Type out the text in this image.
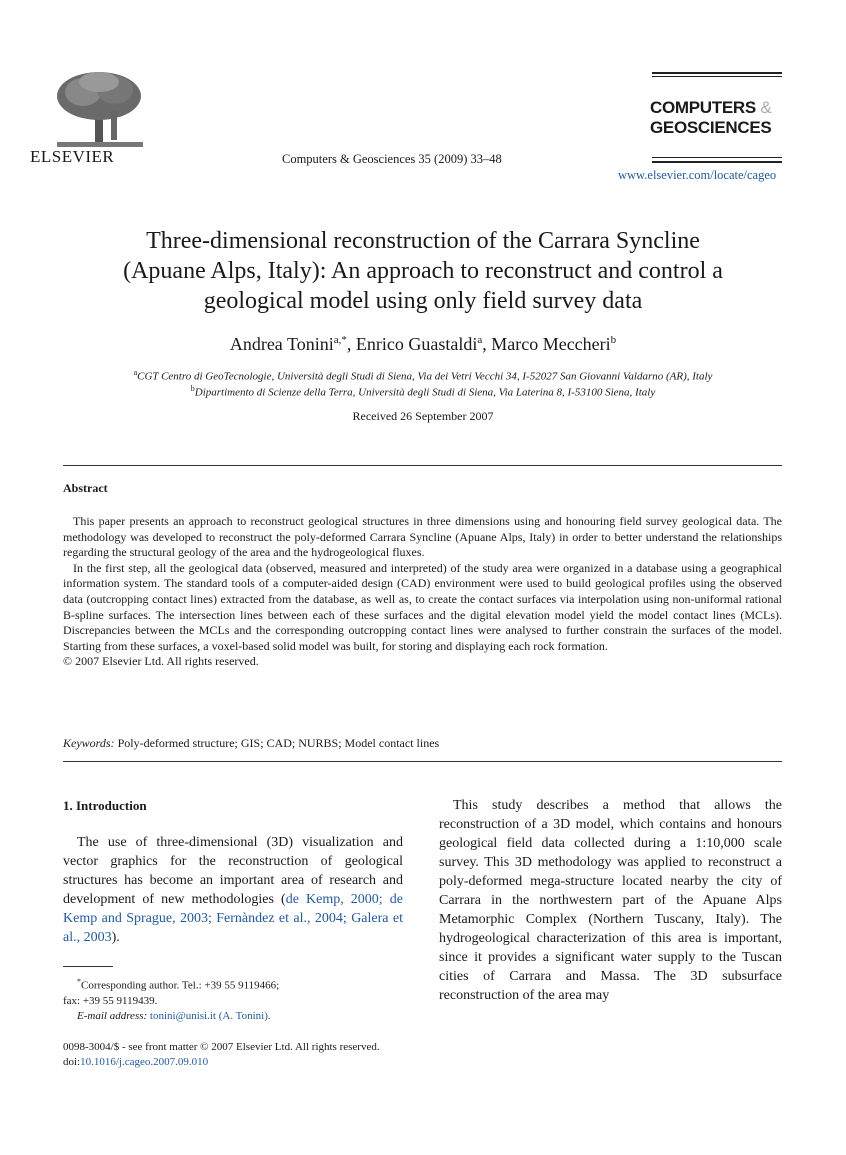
ELSEVIER	Computers & Geosciences 35 (2009) 33–48
COMPUTERS &
GEOSCIENCES
www.elsevier.com/locate/cageo
Three-dimensional reconstruction of the Carrara Syncline
(Apuane Alps, Italy): An approach to reconstruct and control a
geological model using only field survey data
Andrea Tonini$^{a,*}$, Enrico Guastaldi$^a$, Marco Meccheri$^b$
$^a$CGT Centro di GeoTecnologie, Università degli Studi di Siena, Via dei Vetri Vecchi 34, I-52027 San Giovanni Valdarno (AR), Italy
$^b$Dipartimento di Scienze della Terra, Università degli Studi di Siena, Via Laterina 8, I-53100 Siena, Italy
Received 26 September 2007
Abstract

This paper presents an approach to reconstruct geological structures in three dimensions using and honouring field survey geological data. The methodology was developed to reconstruct the poly-deformed Carrara Syncline (Apuane Alps, Italy) in order to better understand the relationships regarding the structural geology of the area and the hydrogeological fluxes.

In the first step, all the geological data (observed, measured and interpreted) of the study area were organized in a database using a geographical information system. The standard tools of a computer-aided design (CAD) environment were used to build geological profiles using the observed data (outcropping contact lines) extracted from the database, as well as, to create the contact surfaces via interpolation using non-uniformal rational B-spline surfaces. The intersection lines between each of these surfaces and the digital elevation model yield the model contact lines (MCLs). Discrepancies between the MCLs and the corresponding outcropping contact lines were analysed to further constrain the surfaces of the model. Starting from these surfaces, a voxel-based solid model was built, for storing and displaying each rock formation.

© 2007 Elsevier Ltd. All rights reserved.

Keywords: Poly-deformed structure; GIS; CAD; NURBS; Model contact lines
1. Introduction

The use of three-dimensional (3D) visualization and vector graphics for the reconstruction of geological structures has become an important area of research and development of new methodologies (de Kemp, 2000; de Kemp and Sprague, 2003; Fernàndez et al., 2004; Galera et al., 2003).

This study describes a method that allows the reconstruction of a 3D model, which contains and honours geological field data collected during a 1:10,000 scale survey. This 3D methodology was applied to reconstruct a poly-deformed mega-structure located nearby the city of Carrara in the northwestern part of the Apuane Alps Metamorphic Complex (Northern Tuscany, Italy). The hydrogeological characterization of this area is important, since it provides a significant water supply to the Tuscan cities of Carrara and Massa. The 3D subsurface reconstruction of the area may

*Corresponding author. Tel.: +39 55 9119466;
fax: +39 55 9119439.
E-mail address: tonini@unisi.it (A. Tonini).
0098-3004/$ - see front matter © 2007 Elsevier Ltd. All rights reserved.
doi:10.1016/j.cageo.2007.09.010
